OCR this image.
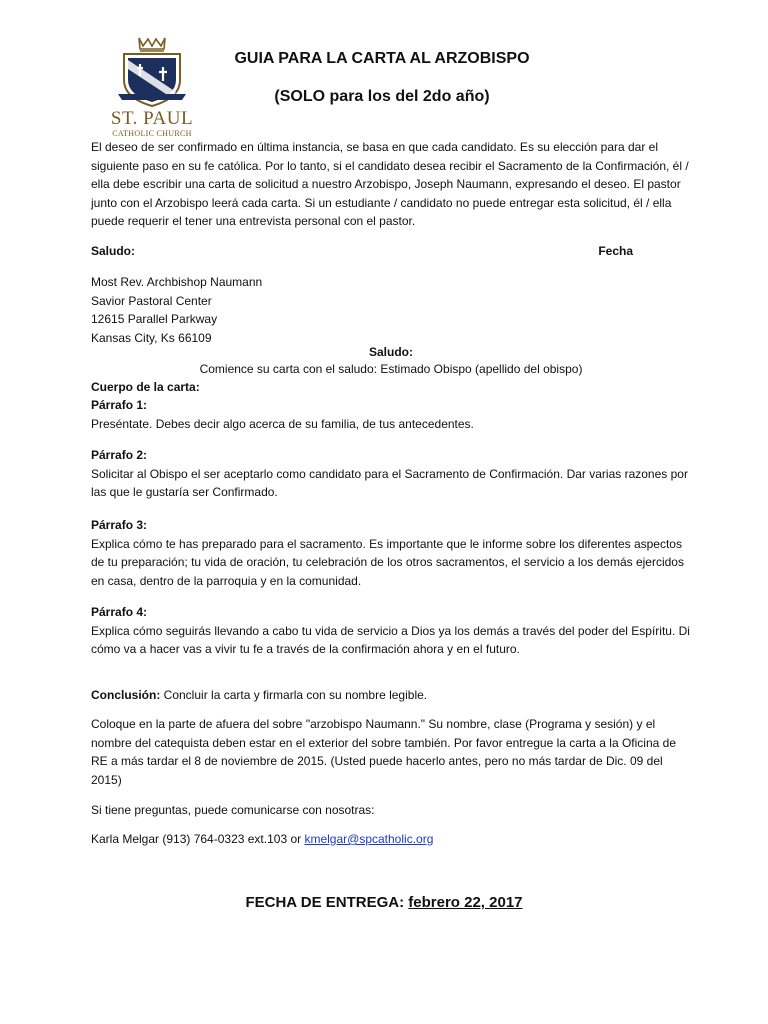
ST. PAUL
CATHOLIC CHURCH
GUIA PARA LA CARTA AL ARZOBISPO
(SOLO para los del 2do año)
El deseo de ser confirmado en última instancia, se basa en que cada candidato. Es su elección para dar el siguiente paso en su fe católica. Por lo tanto, si el candidato desea recibir el Sacramento de la Confirmación, él / ella debe escribir una carta de solicitud a nuestro Arzobispo, Joseph Naumann, expresando el deseo. El pastor junto con el Arzobispo leerá cada carta. Si un estudiante / candidato no puede entregar esta solicitud, él / ella puede requerir el tener una entrevista personal con el pastor.
Saludo:	Fecha
Most Rev. Archbishop Naumann
Savior Pastoral Center
12615 Parallel Parkway
Kansas City, Ks 66109
Saludo:
Comience su carta con el saludo: Estimado Obispo (apellido del obispo)
Cuerpo de la carta:
Párrafo 1:
Preséntate. Debes decir algo acerca de su familia, de tus antecedentes.
Párrafo 2:
Solicitar al Obispo el ser aceptarlo como candidato para el Sacramento de Confirmación. Dar varias razones por las que le gustaría ser Confirmado.
Párrafo 3:
Explica cómo te has preparado para el sacramento. Es importante que le informe sobre los diferentes aspectos de tu preparación; tu vida de oración, tu celebración de los otros sacramentos, el servicio a los demás ejercidos en casa, dentro de la parroquia y en la comunidad.
Párrafo 4:
Explica cómo seguirás llevando a cabo tu vida de servicio a Dios ya los demás a través del poder del Espíritu. Di cómo va a hacer vas a vivir tu fe a través de la confirmación ahora y en el futuro.
Conclusión: Concluir la carta y firmarla con su nombre legible.
Coloque en la parte de afuera del sobre "arzobispo Naumann." Su nombre, clase (Programa y sesión) y el nombre del catequista deben estar en el exterior del sobre también. Por favor entregue la carta a la Oficina de RE a más tardar el 8 de noviembre de 2015. (Usted puede hacerlo antes, pero no más tardar de Dic. 09 del 2015)
Si tiene preguntas, puede comunicarse con nosotras:
Karla Melgar (913) 764-0323 ext.103 or kmelgar@spcatholic.org
FECHA DE ENTREGA: febrero 22, 2017
